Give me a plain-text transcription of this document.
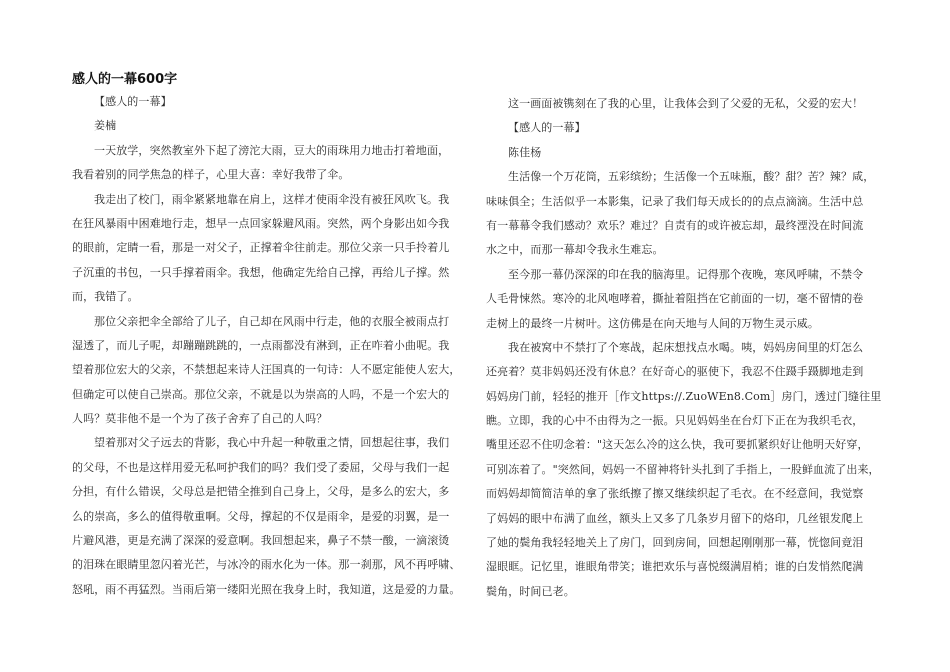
感人的一幕600字
【感人的一幕】
姜楠
一天放学，突然教室外下起了滂沱大雨，豆大的雨珠用力地击打着地面，
我看着别的同学焦急的样子，心里大喜：幸好我带了伞。
我走出了校门，雨伞紧紧地靠在肩上，这样才使雨伞没有被狂风吹飞。我
在狂风暴雨中困难地行走，想早一点回家躲避风雨。突然，两个身影出如今我
的眼前，定睛一看，那是一对父子，正撑着伞往前走。那位父亲一只手拎着儿
子沉重的书包，一只手撑着雨伞。我想，他确定先给自己撑，再给儿子撑。然
而，我错了。
那位父亲把伞全部给了儿子，自己却在风雨中行走，他的衣服全被雨点打
湿透了，而儿子呢，却蹦蹦跳跳的，一点雨都没有淋到，正在咋着小曲呢。我
望着那位宏大的父亲，不禁想起来诗人汪国真的一句诗：人不愿定能使人宏大，
但确定可以使自己崇高。那位父亲，不就是以为崇高的人吗，不是一个宏大的
人吗？莫非他不是一个为了孩子舍弃了自己的人吗？
望着那对父子远去的背影，我心中升起一种敬重之情，回想起往事，我们
的父母，不也是这样用爱无私呵护我们的吗？我们受了委屈，父母与我们一起
分担，有什么错误，父母总是把错全推到自己身上，父母，是多么的宏大，多
么的崇高，多么的值得敬重啊。父母，撑起的不仅是雨伞，是爱的羽翼，是一
片避风港，更是充满了深深的爱意啊。我回想起来，鼻子不禁一酸，一滴滚烫
的泪珠在眼睛里忽闪着光芒，与冰冷的雨水化为一体。那一刹那，风不再呼啸、
怒吼，雨不再猛烈。当雨后第一缕阳光照在我身上时，我知道，这是爱的力量。
这一画面被镌刻在了我的心里，让我体会到了父爱的无私，父爱的宏大！
【感人的一幕】
陈佳杨
生活像一个万花筒，五彩缤纷；生活像一个五味瓶，酸？甜？苦？辣？咸，
味味俱全；生活似乎一本影集，记录了我们每天成长的的点点滴滴。生活中总
有一幕幕令我们感动？欢乐？难过？自责有的或许被忘却，最终湮没在时间流
水之中，而那一幕却令我永生难忘。
至今那一幕仍深深的印在我的脑海里。记得那个夜晚，寒风呼啸，不禁令
人毛骨悚然。寒冷的北风咆哮着，撕扯着阻挡在它前面的一切，毫不留情的卷
走树上的最终一片树叶。这仿佛是在向天地与人间的万物生灵示威。
我在被窝中不禁打了个寒战，起床想找点水喝。咦，妈妈房间里的灯怎么
还亮着？莫非妈妈还没有休息？在好奇心的驱使下，我忍不住蹑手蹑脚地走到
妈妈房门前，轻轻的推开［作文https://.ZuoWEn8.Com］房门，透过门缝往里
瞧。立即，我的心中不由得为之一振。只见妈妈坐在台灯下正在为我织毛衣，
嘴里还忍不住叨念着："这天怎么冷的这么快，我可要抓紧织好让他明天好穿，
可别冻着了。"突然间，妈妈一不留神将针头扎到了手指上，一股鲜血流了出来，
而妈妈却简简洁单的拿了张纸擦了擦又继续织起了毛衣。在不经意间，我觉察
了妈妈的眼中布满了血丝，额头上又多了几条岁月留下的烙印，几丝银发爬上
了她的鬓角我轻轻地关上了房门，回到房间，回想起刚刚那一幕，恍惚间竟泪
湿眼眶。记忆里，谁眼角带笑；谁把欢乐与喜悦缀满眉梢；谁的白发悄然爬满
鬓角，时间已老。
